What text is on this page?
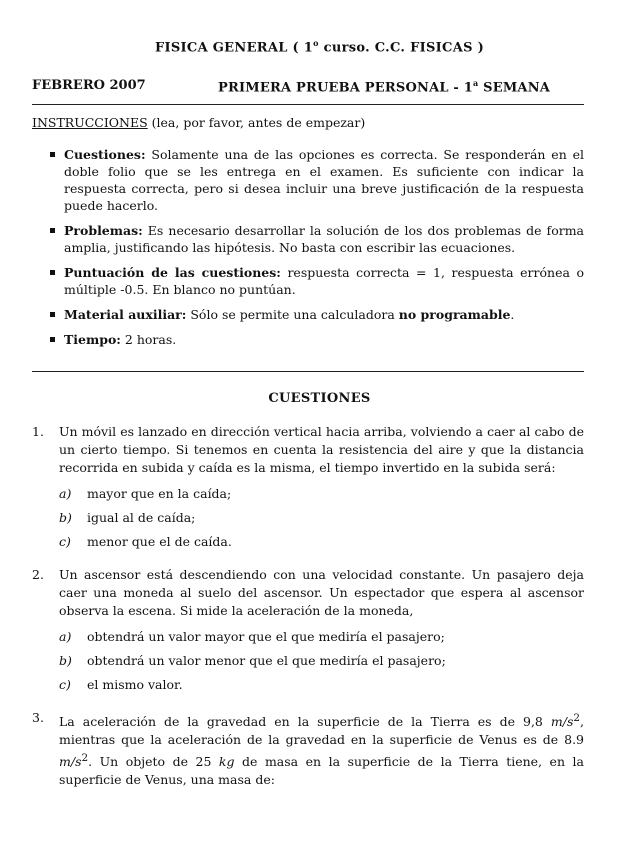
FISICA GENERAL ( 1$^o$ curso. C.C. FISICAS )
FEBRERO 2007	PRIMERA PRUEBA PERSONAL - 1$^a$ SEMANA
INSTRUCCIONES (lea, por favor, antes de empezar)
Cuestiones: Solamente una de las opciones es correcta. Se responderán en el doble folio que se les entrega en el examen. Es suficiente con indicar la respuesta correcta, pero si desea incluir una breve justificación de la respuesta puede hacerlo.
Problemas: Es necesario desarrollar la solución de los dos problemas de forma amplia, justificando las hipótesis. No basta con escribir las ecuaciones.
Puntuación de las cuestiones: respuesta correcta = 1, respuesta errónea o múltiple -0.5. En blanco no puntúan.
Material auxiliar: Sólo se permite una calculadora no programable.
Tiempo: 2 horas.
CUESTIONES
1.	Un móvil es lanzado en dirección vertical hacia arriba, volviendo a caer al cabo de un cierto tiempo. Si tenemos en cuenta la resistencia del aire y que la distancia recorrida en subida y caída es la misma, el tiempo invertido en la subida será:
a) mayor que en la caída;
b) igual al de caída;
c) menor que el de caída.
2.	Un ascensor está descendiendo con una velocidad constante. Un pasajero deja caer una moneda al suelo del ascensor. Un espectador que espera al ascensor observa la escena. Si mide la aceleración de la moneda,
a) obtendrá un valor mayor que el que mediría el pasajero;
b) obtendrá un valor menor que el que mediría el pasajero;
c) el mismo valor.
3.	La aceleración de la gravedad en la superficie de la Tierra es de 9,8 $m/s^2$, mientras que la aceleración de la gravedad en la superficie de Venus es de 8.9 $m/s^2$. Un objeto de 25 kg de masa en la superficie de la Tierra tiene, en la superficie de Venus, una masa de:
